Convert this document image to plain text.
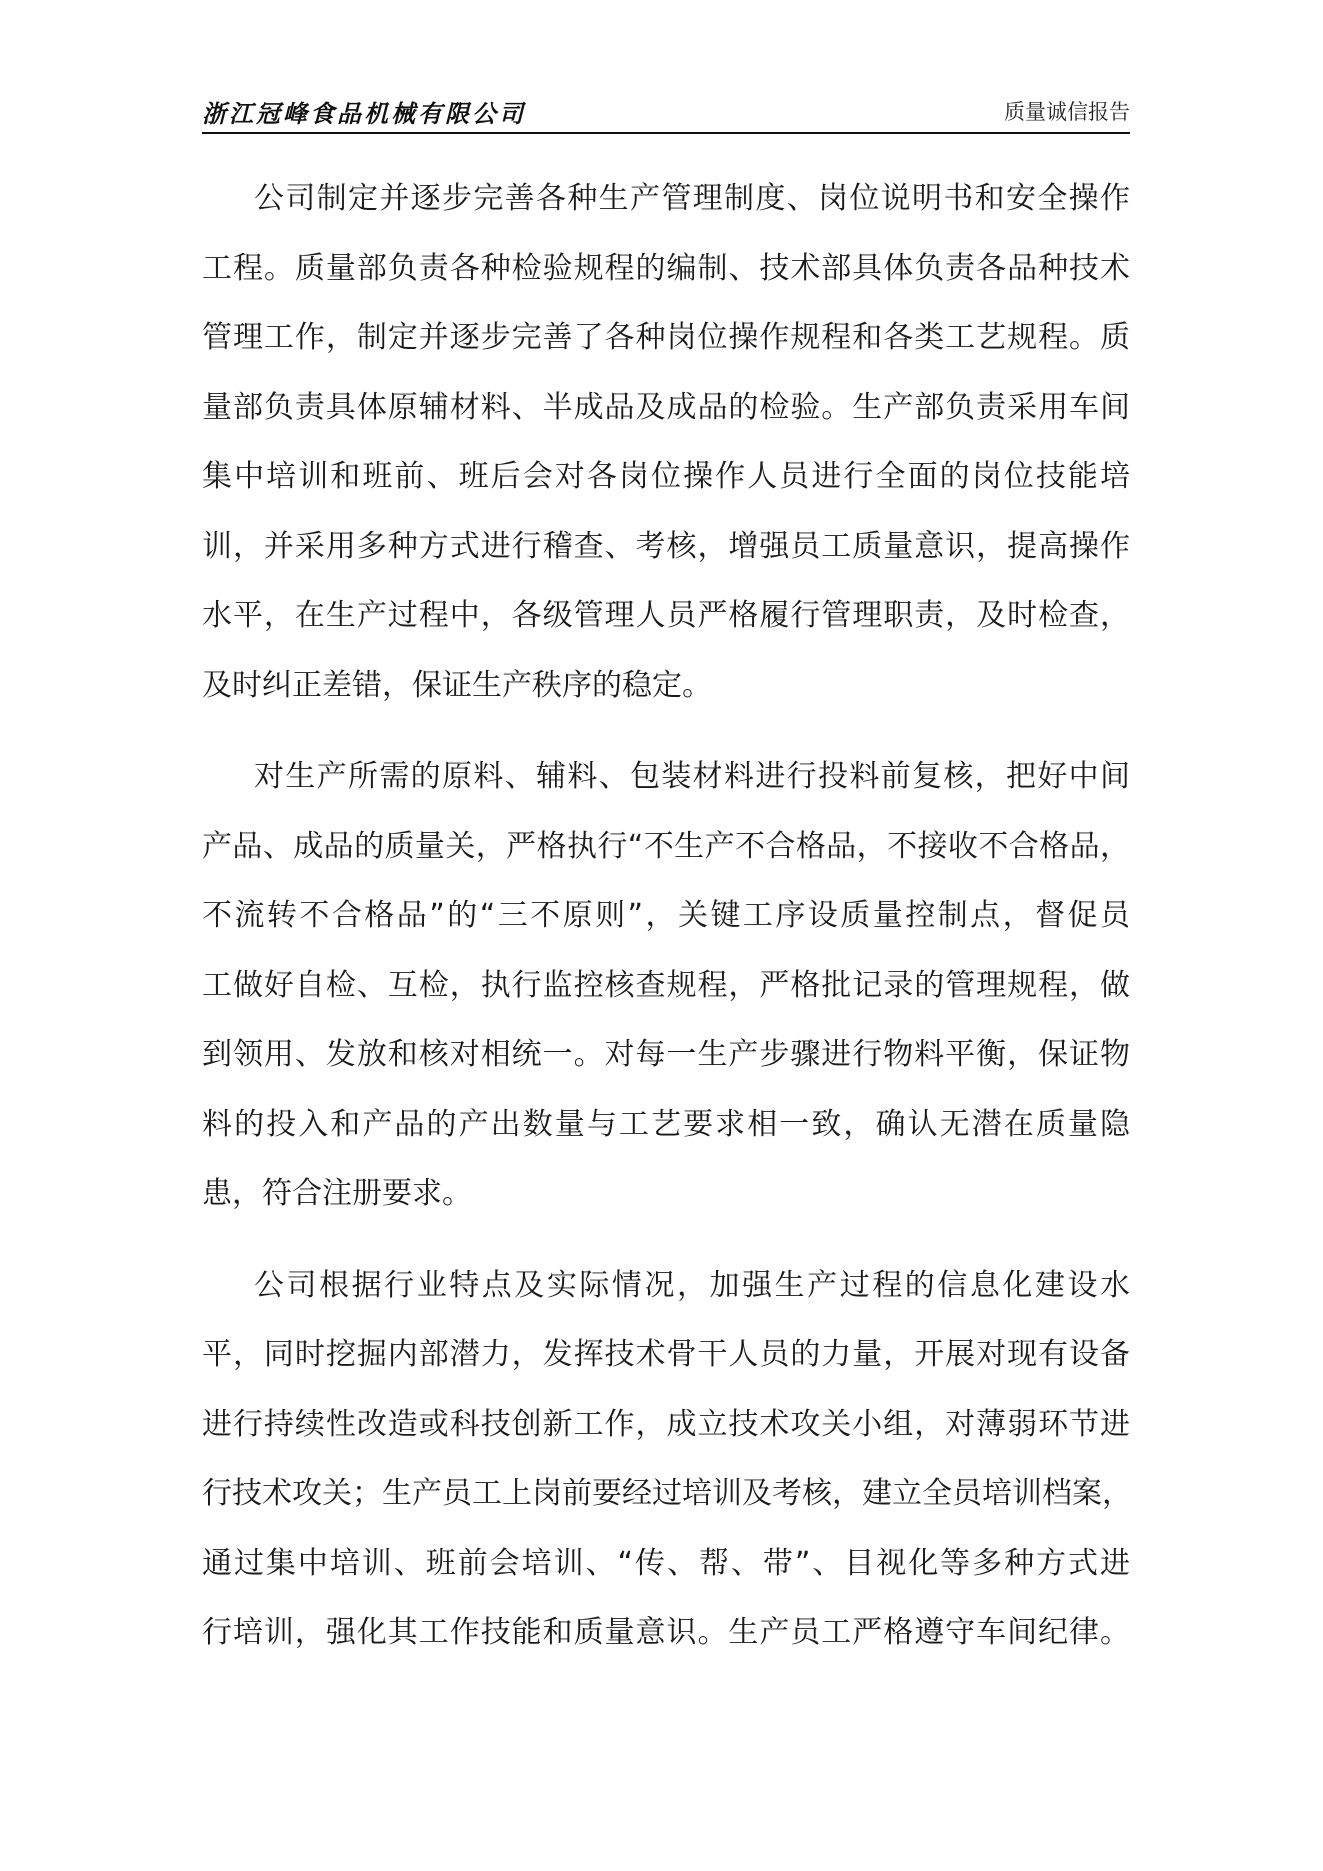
浙江冠峰食品机械有限公司	质量诚信报告

公司制定并逐步完善各种生产管理制度、岗位说明书和安全操作
工程。质量部负责各种检验规程的编制、技术部具体负责各品种技术
管理工作，制定并逐步完善了各种岗位操作规程和各类工艺规程。质
量部负责具体原辅材料、半成品及成品的检验。生产部负责采用车间
集中培训和班前、班后会对各岗位操作人员进行全面的岗位技能培
训，并采用多种方式进行稽查、考核，增强员工质量意识，提高操作
水平，在生产过程中，各级管理人员严格履行管理职责，及时检查，
及时纠正差错，保证生产秩序的稳定。

对生产所需的原料、辅料、包装材料进行投料前复核，把好中间
产品、成品的质量关，严格执行“不生产不合格品，不接收不合格品，
不流转不合格品”的“三不原则”，关键工序设质量控制点，督促员
工做好自检、互检，执行监控核查规程，严格批记录的管理规程，做
到领用、发放和核对相统一。对每一生产步骤进行物料平衡，保证物
料的投入和产品的产出数量与工艺要求相一致，确认无潜在质量隐
患，符合注册要求。

公司根据行业特点及实际情况，加强生产过程的信息化建设水
平，同时挖掘内部潜力，发挥技术骨干人员的力量，开展对现有设备
进行持续性改造或科技创新工作，成立技术攻关小组，对薄弱环节进
行技术攻关；生产员工上岗前要经过培训及考核，建立全员培训档案，
通过集中培训、班前会培训、“传、帮、带”、目视化等多种方式进
行培训，强化其工作技能和质量意识。生产员工严格遵守车间纪律。
